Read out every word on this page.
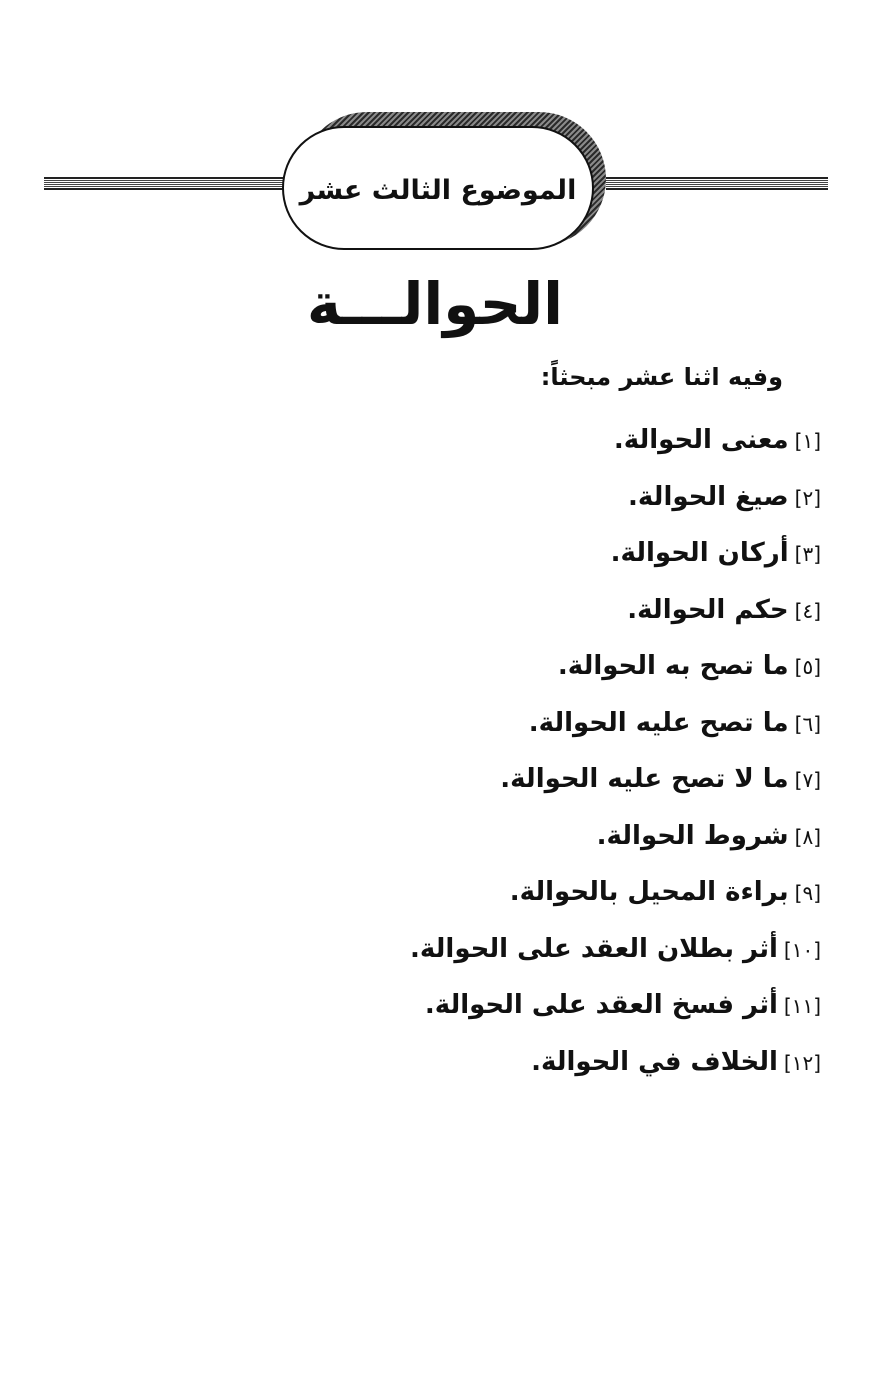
الموضوع الثالث عشر
الحوالـــة
وفيه اثنا عشر مبحثاً:
[١]معنى الحوالة.
[٢]صيغ الحوالة.
[٣]أركان الحوالة.
[٤]حكم الحوالة.
[٥]ما تصح به الحوالة.
[٦]ما تصح عليه الحوالة.
[٧]ما لا تصح عليه الحوالة.
[٨]شروط الحوالة.
[٩]براءة المحيل بالحوالة.
[١٠]أثر بطلان العقد على الحوالة.
[١١]أثر فسخ العقد على الحوالة.
[١٢]الخلاف في الحوالة.
